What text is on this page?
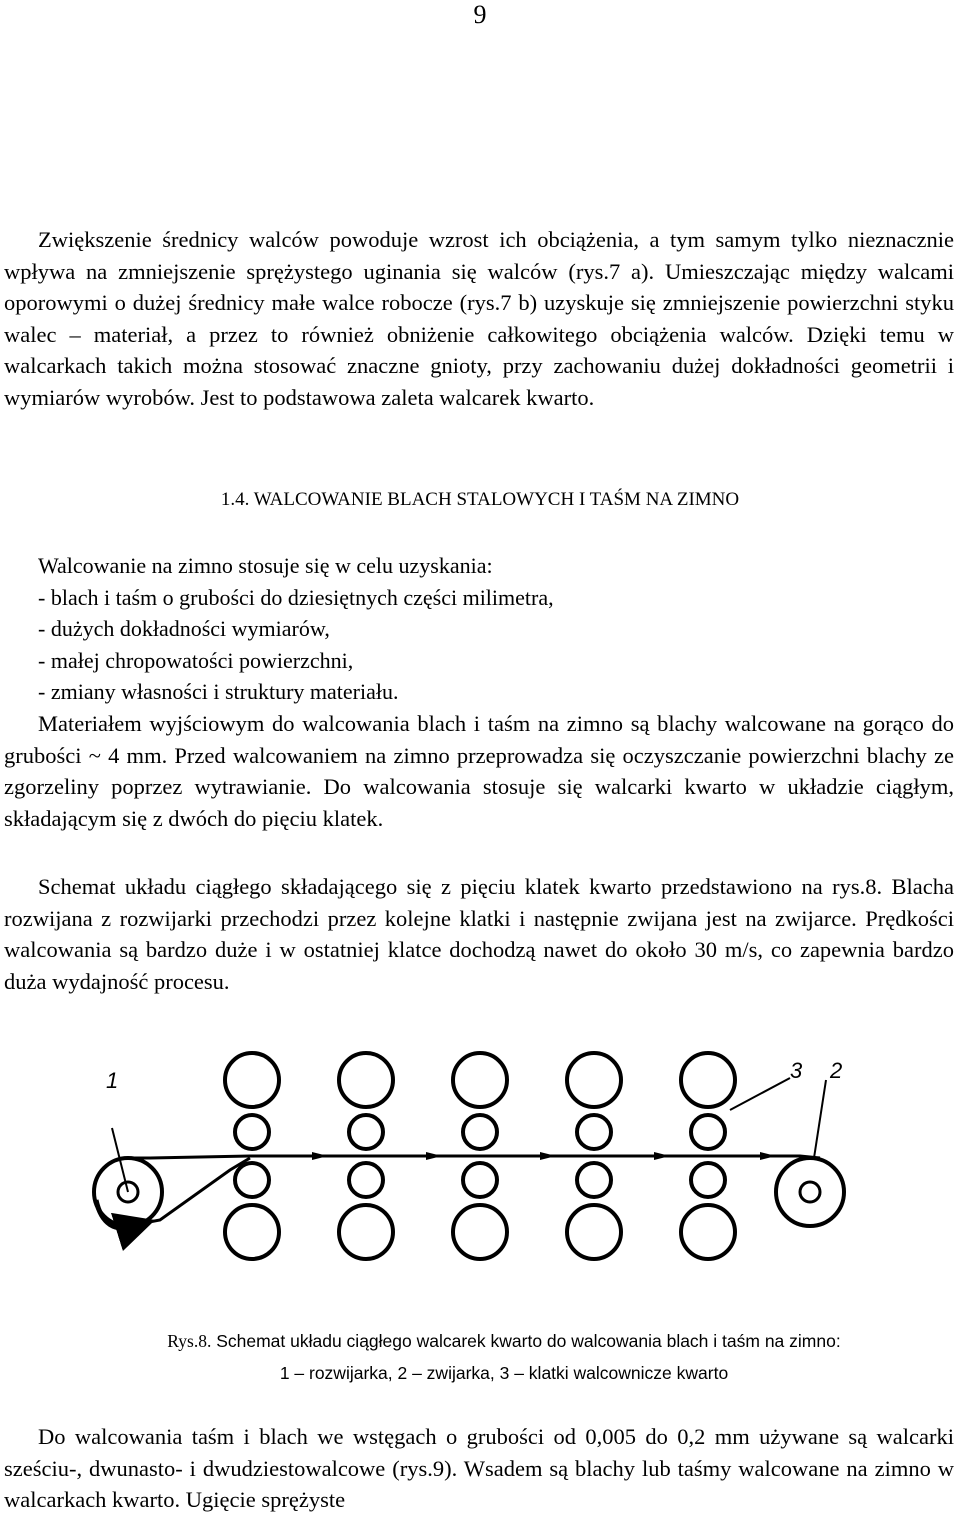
9

Zwiększenie średnicy walców powoduje wzrost ich obciążenia, a tym samym tylko nieznacznie wpływa na zmniejszenie sprężystego uginania się walców (rys.7 a). Umieszczając między walcami oporowymi o dużej średnicy małe walce robocze (rys.7 b) uzyskuje się zmniejszenie powierzchni styku walec – materiał, a przez to również obniżenie całkowitego obciążenia walców. Dzięki temu w walcarkach takich można stosować znaczne gnioty, przy zachowaniu dużej dokładności geometrii i wymiarów wyrobów. Jest to podstawowa zaleta walcarek kwarto.

1.4. WALCOWANIE BLACH STALOWYCH I TAŚM NA ZIMNO
Walcowanie na zimno stosuje się w celu uzyskania:
- blach i taśm o grubości do dziesiętnych części milimetra,
- dużych dokładności wymiarów,
- małej chropowatości powierzchni,
- zmiany własności i struktury materiału.

Materiałem wyjściowym do walcowania blach i taśm na zimno są blachy walcowane na gorąco do grubości ~ 4 mm. Przed walcowaniem na zimno przeprowadza się oczyszczanie powierzchni blachy ze zgorzeliny poprzez wytrawianie. Do walcowania stosuje się walcarki kwarto w układzie ciągłym, składającym się z dwóch do pięciu klatek.

Schemat układu ciągłego składającego się z pięciu klatek kwarto przedstawiono na rys.8. Blacha rozwijana z rozwijarki przechodzi przez kolejne klatki i następnie zwijana jest na zwijarce. Prędkości walcowania są bardzo duże i w ostatniej klatce dochodzą nawet do około 30 m/s, co zapewnia bardzo duża wydajność procesu.

1	2
3
Rys.8. Schemat układu ciągłego walcarek kwarto do walcowania blach i taśm na zimno:
1 – rozwijarka, 2 – zwijarka, 3 – klatki walcownicze kwarto

Do walcowania taśm i blach we wstęgach o grubości od 0,005 do 0,2 mm używane są walcarki sześciu-, dwunasto- i dwudziestowalcowe (rys.9). Wsadem są blachy lub taśmy walcowane na zimno w walcarkach kwarto. Ugięcie sprężyste
